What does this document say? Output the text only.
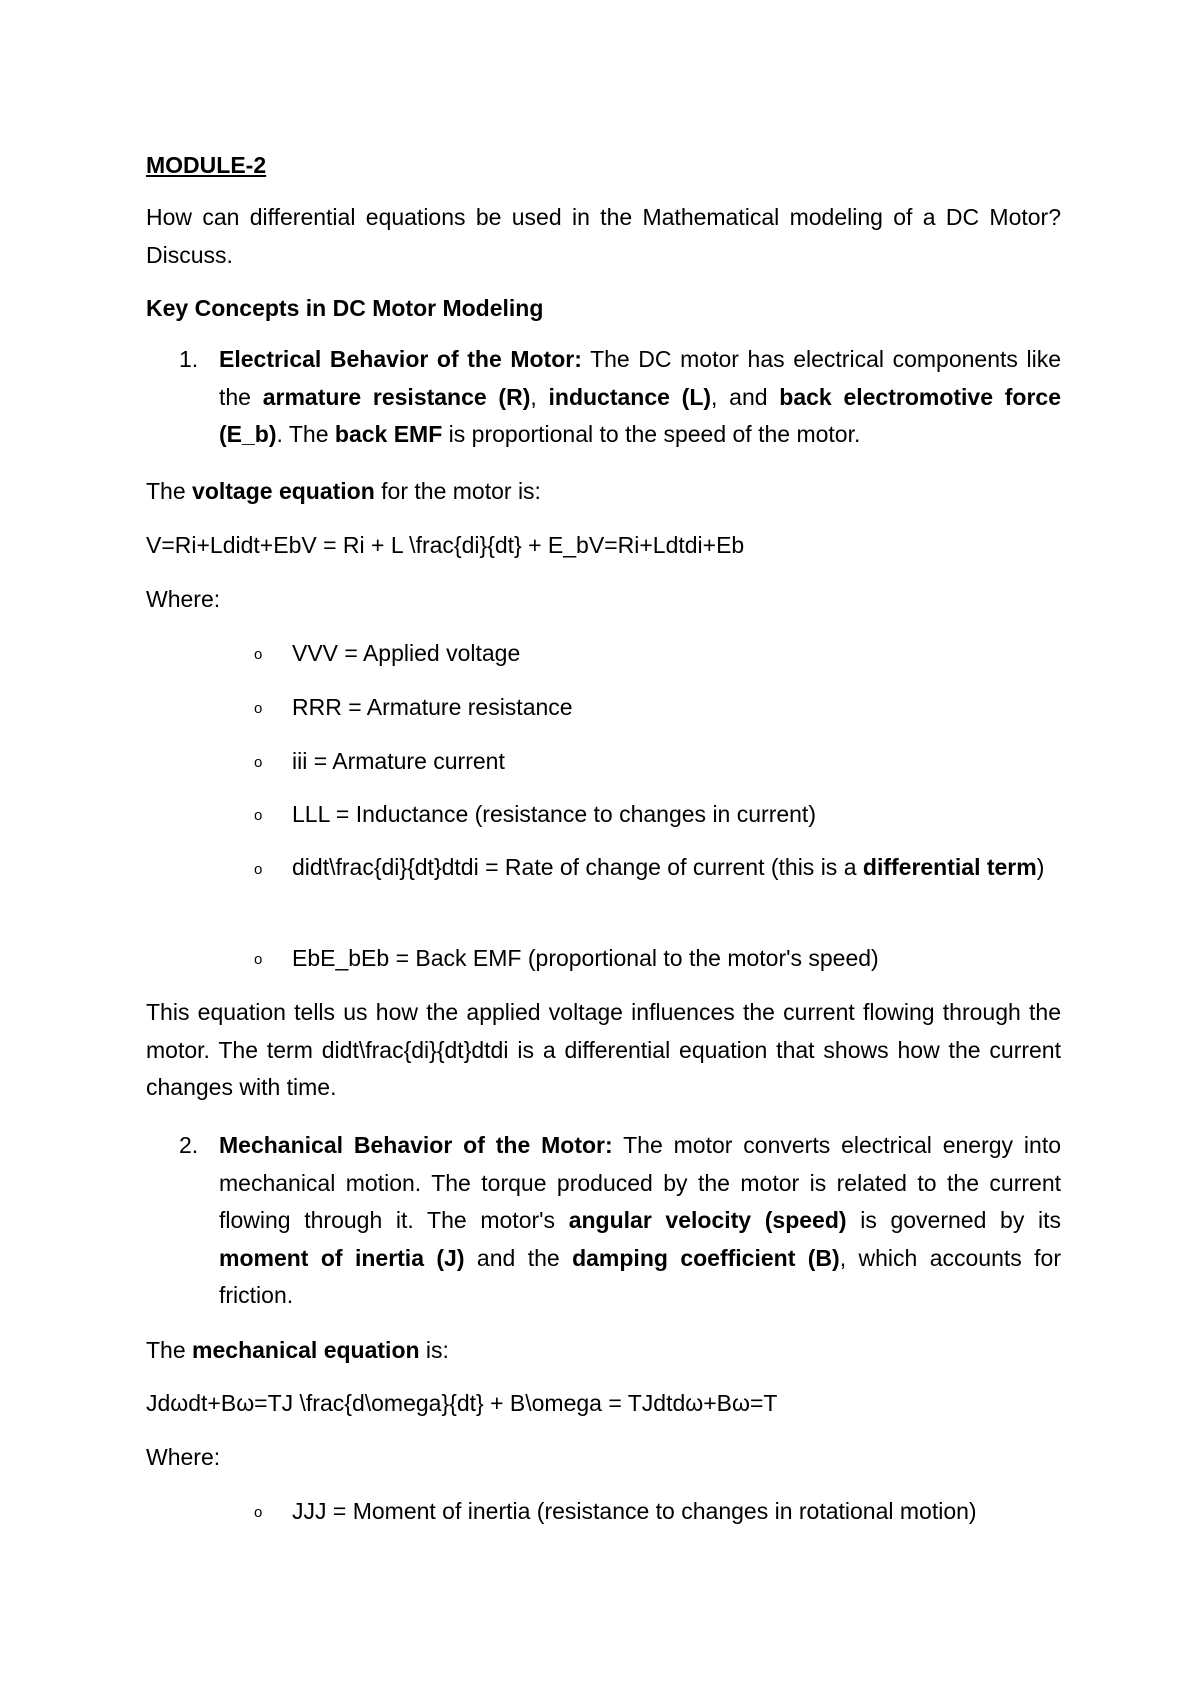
MODULE-2
How can differential equations be used in the Mathematical modeling of a DC Motor? Discuss.
Key Concepts in DC Motor Modeling
1. Electrical Behavior of the Motor: The DC motor has electrical components like the armature resistance (R), inductance (L), and back electromotive force (E_b). The back EMF is proportional to the speed of the motor.
The voltage equation for the motor is:
V=Ri+Ldidt+EbV = Ri + L \frac{di}{dt} + E_bV=Ri+Ldtdi+Eb
Where:
o VVV = Applied voltage
o RRR = Armature resistance
o iii = Armature current
o LLL = Inductance (resistance to changes in current)
o didt\frac{di}{dt}dtdi = Rate of change of current (this is a differential term)
o EbE_bEb = Back EMF (proportional to the motor's speed)
This equation tells us how the applied voltage influences the current flowing through the motor. The term didt\frac{di}{dt}dtdi is a differential equation that shows how the current changes with time.
2. Mechanical Behavior of the Motor: The motor converts electrical energy into mechanical motion. The torque produced by the motor is related to the current flowing through it. The motor's angular velocity (speed) is governed by its moment of inertia (J) and the damping coefficient (B), which accounts for friction.
The mechanical equation is:
Jdωdt+Bω=TJ \frac{d\omega}{dt} + B\omega = TJdtdω+Bω=T
Where:
o JJJ = Moment of inertia (resistance to changes in rotational motion)
